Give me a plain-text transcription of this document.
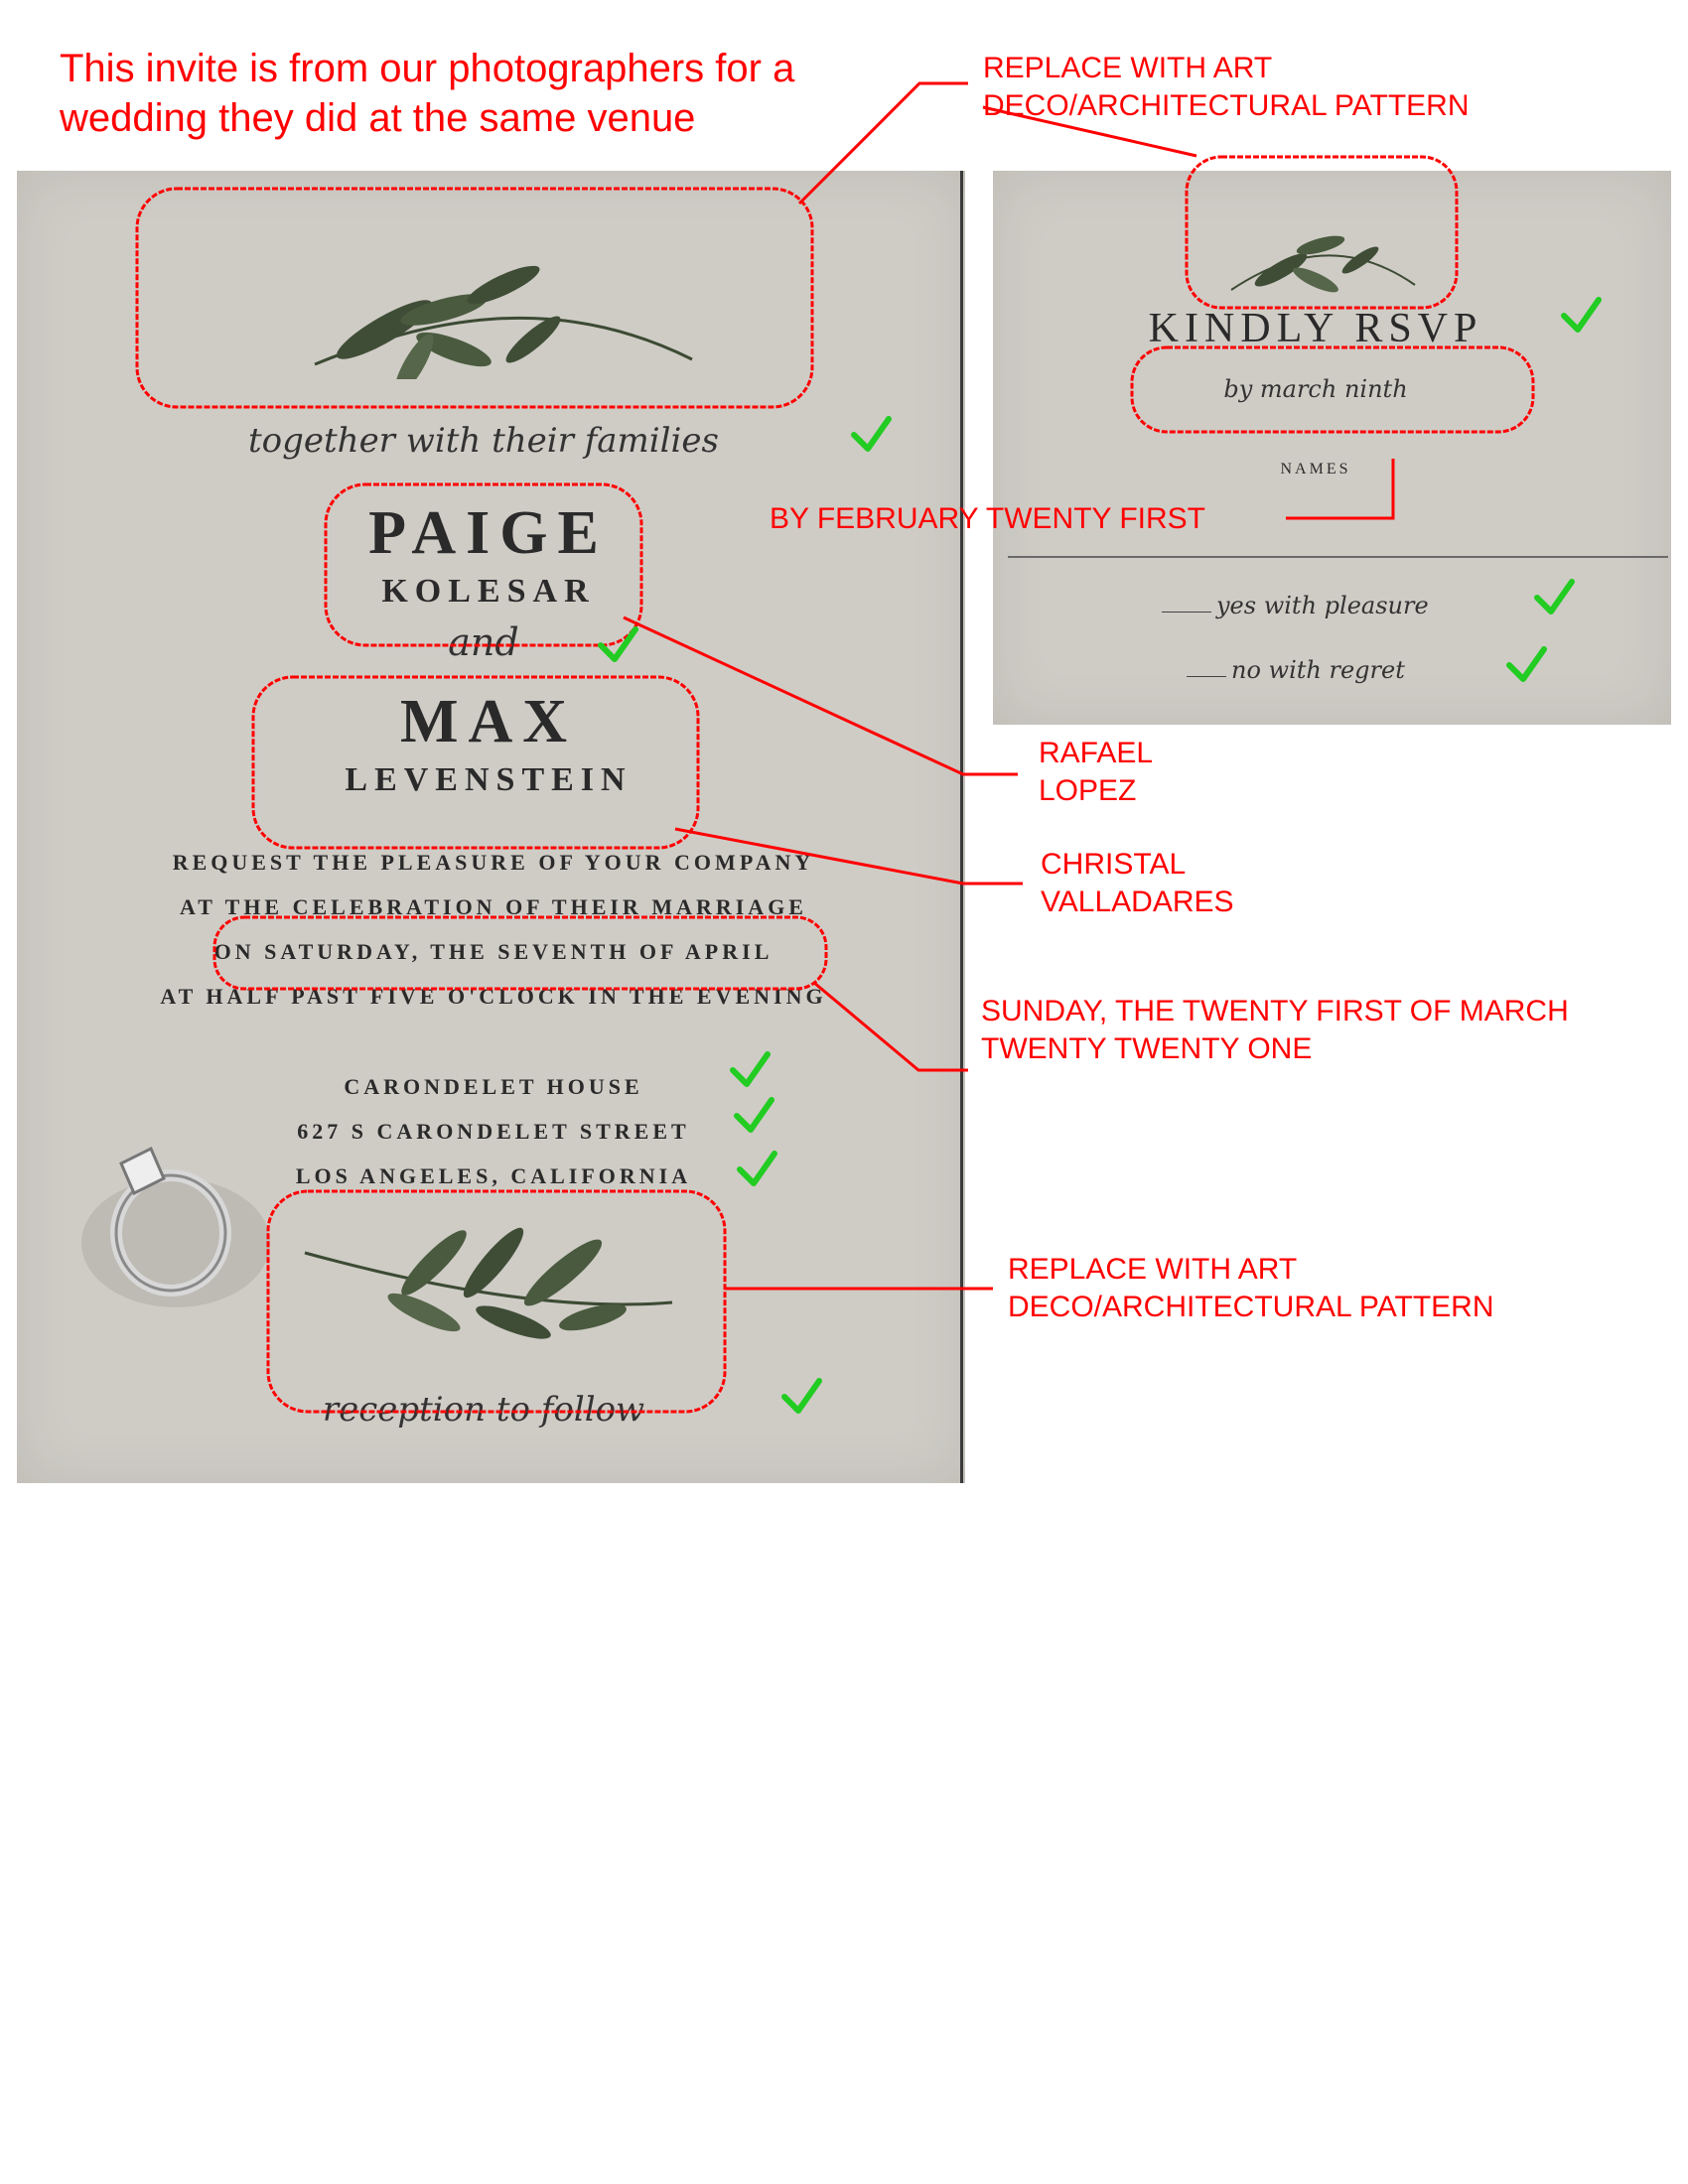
This invite is from our photographers for a
wedding they did at the same venue
together with their families
PAIGE
KOLESAR
and
MAX
LEVENSTEIN
REQUEST THE PLEASURE OF YOUR COMPANY
AT THE CELEBRATION OF THEIR MARRIAGE
ON SATURDAY, THE SEVENTH OF APRIL
AT HALF PAST FIVE O'CLOCK IN THE EVENING
CARONDELET HOUSE
627 S CARONDELET STREET
LOS ANGELES, CALIFORNIA
reception to follow
KINDLY RSVP
by march ninth
NAMES
yes with pleasure
no with regret
REPLACE WITH ART
DECO/ARCHITECTURAL PATTERN
BY FEBRUARY TWENTY FIRST
RAFAEL
LOPEZ
CHRISTAL
VALLADARES
SUNDAY, THE TWENTY FIRST OF MARCH
TWENTY TWENTY ONE
REPLACE WITH ART
DECO/ARCHITECTURAL PATTERN
